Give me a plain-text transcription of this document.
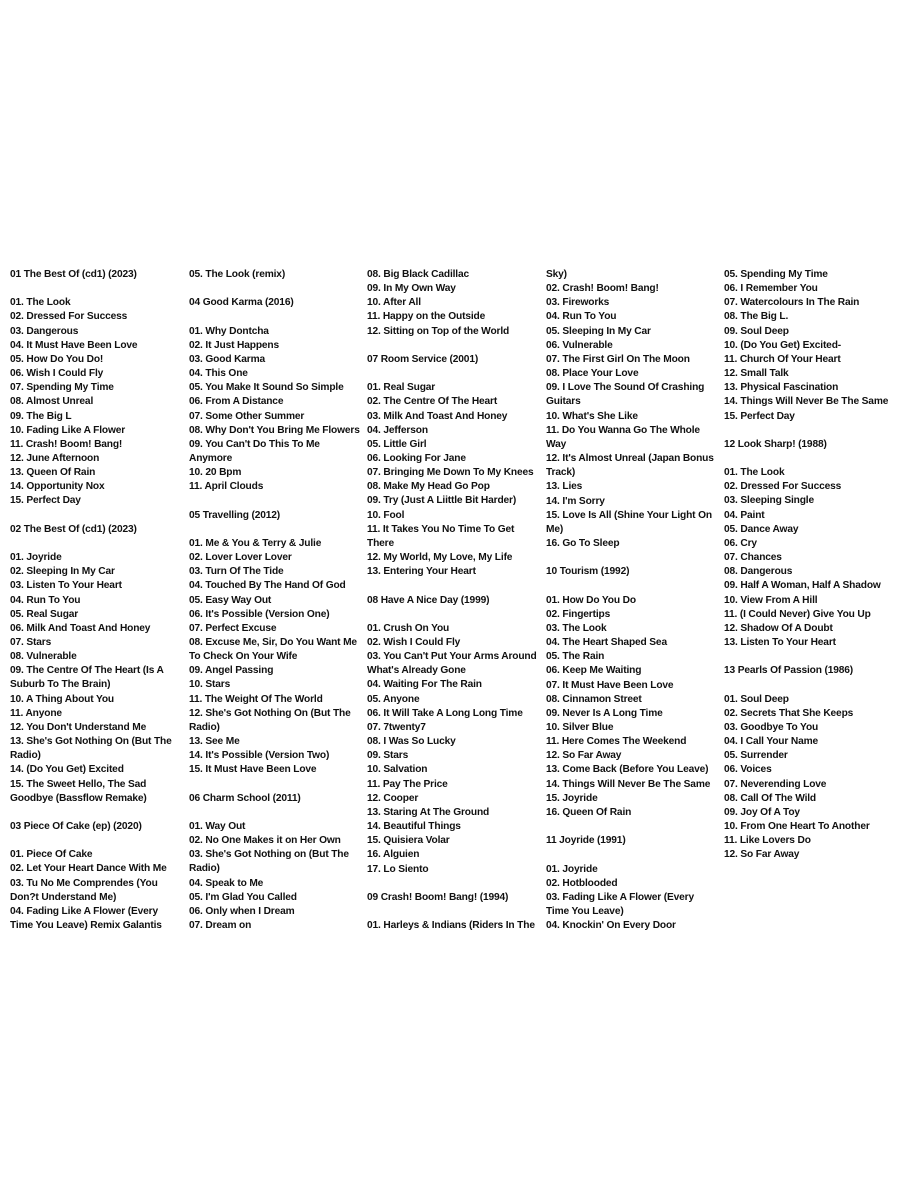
01 The Best Of (cd1) (2023)
01. The Look
02. Dressed For Success
03. Dangerous
04. It Must Have Been Love
05. How Do You Do!
06. Wish I Could Fly
07. Spending My Time
08. Almost Unreal
09. The Big L
10. Fading Like A Flower
11. Crash! Boom! Bang!
12. June Afternoon
13. Queen Of Rain
14. Opportunity Nox
15. Perfect Day
02 The Best Of (cd1) (2023)
01. Joyride
02. Sleeping In My Car
03. Listen To Your Heart
04. Run To You
05. Real Sugar
06. Milk And Toast And Honey
07. Stars
08. Vulnerable
09. The Centre Of The Heart (Is A Suburb To The Brain)
10. A Thing About You
11. Anyone
12. You Don't Understand Me
13. She's Got Nothing On (But The Radio)
14. (Do You Get) Excited
15. The Sweet Hello, The Sad Goodbye (Bassflow Remake)
03 Piece Of Cake (ep) (2020)
01. Piece Of Cake
02. Let Your Heart Dance With Me
03. Tu No Me Comprendes (You Don?t Understand Me)
04. Fading Like A Flower (Every Time You Leave) Remix Galantis
05. The Look (remix)
04 Good Karma (2016)
01. Why Dontcha
02. It Just Happens
03. Good Karma
04. This One
05. You Make It Sound So Simple
06. From A Distance
07. Some Other Summer
08. Why Don't You Bring Me Flowers
09. You Can't Do This To Me Anymore
10. 20 Bpm
11. April Clouds
05 Travelling (2012)
01. Me & You & Terry & Julie
02. Lover Lover Lover
03. Turn Of The Tide
04. Touched By The Hand Of God
05. Easy Way Out
06. It's Possible (Version One)
07. Perfect Excuse
08. Excuse Me, Sir, Do You Want Me To Check On Your Wife
09. Angel Passing
10. Stars
11. The Weight Of The World
12. She's Got Nothing On (But The Radio)
13. See Me
14. It's Possible (Version Two)
15. It Must Have Been Love
06 Charm School (2011)
01. Way Out
02. No One Makes it on Her Own
03. She's Got Nothing on (But The Radio)
04. Speak to Me
05. I'm Glad You Called
06. Only when I Dream
07. Dream on
08. Big Black Cadillac
09. In My Own Way
10. After All
11. Happy on the Outside
12. Sitting on Top of the World
07 Room Service (2001)
01. Real Sugar
02. The Centre Of The Heart
03. Milk And Toast And Honey
04. Jefferson
05. Little Girl
06. Looking For Jane
07. Bringing Me Down To My Knees
08. Make My Head Go Pop
09. Try (Just A Liittle Bit Harder)
10. Fool
11. It Takes You No Time To Get There
12. My World, My Love, My Life
13. Entering Your Heart
08 Have A Nice Day (1999)
01. Crush On You
02. Wish I Could Fly
03. You Can't Put Your Arms Around What's Already Gone
04. Waiting For The Rain
05. Anyone
06. It Will Take A Long Long Time
07. 7twenty7
08. I Was So Lucky
09. Stars
10. Salvation
11. Pay The Price
12. Cooper
13. Staring At The Ground
14. Beautiful Things
15. Quisiera Volar
16. Alguien
17. Lo Siento
09 Crash! Boom! Bang! (1994)
01. Harleys & Indians (Riders In The
Sky)
02. Crash! Boom! Bang!
03. Fireworks
04. Run To You
05. Sleeping In My Car
06. Vulnerable
07. The First Girl On The Moon
08. Place Your Love
09. I Love The Sound Of Crashing Guitars
10. What's She Like
11. Do You Wanna Go The Whole Way
12. It's Almost Unreal (Japan Bonus Track)
13. Lies
14. I'm Sorry
15. Love Is All (Shine Your Light On Me)
16. Go To Sleep
10 Tourism (1992)
01. How Do You Do
02. Fingertips
03. The Look
04. The Heart Shaped Sea
05. The Rain
06. Keep Me Waiting
07. It Must Have Been Love
08. Cinnamon Street
09. Never Is A Long Time
10. Silver Blue
11. Here Comes The Weekend
12. So Far Away
13. Come Back (Before You Leave)
14. Things Will Never Be The Same
15. Joyride
16. Queen Of Rain
11 Joyride (1991)
01. Joyride
02. Hotblooded
03. Fading Like A Flower (Every Time You Leave)
04. Knockin' On Every Door
05. Spending My Time
06. I Remember You
07. Watercolours In The Rain
08. The Big L.
09. Soul Deep
10. (Do You Get) Excited-
11. Church Of Your Heart
12. Small Talk
13. Physical Fascination
14. Things Will Never Be The Same
15. Perfect Day
12 Look Sharp! (1988)
01. The Look
02. Dressed For Success
03. Sleeping Single
04. Paint
05. Dance Away
06. Cry
07. Chances
08. Dangerous
09. Half A Woman, Half A Shadow
10. View From A Hill
11. (I Could Never) Give You Up
12. Shadow Of A Doubt
13. Listen To Your Heart
13 Pearls Of Passion (1986)
01. Soul Deep
02. Secrets That She Keeps
03. Goodbye To You
04. I Call Your Name
05. Surrender
06. Voices
07. Neverending Love
08. Call Of The Wild
09. Joy Of A Toy
10. From One Heart To Another
11. Like Lovers Do
12. So Far Away
